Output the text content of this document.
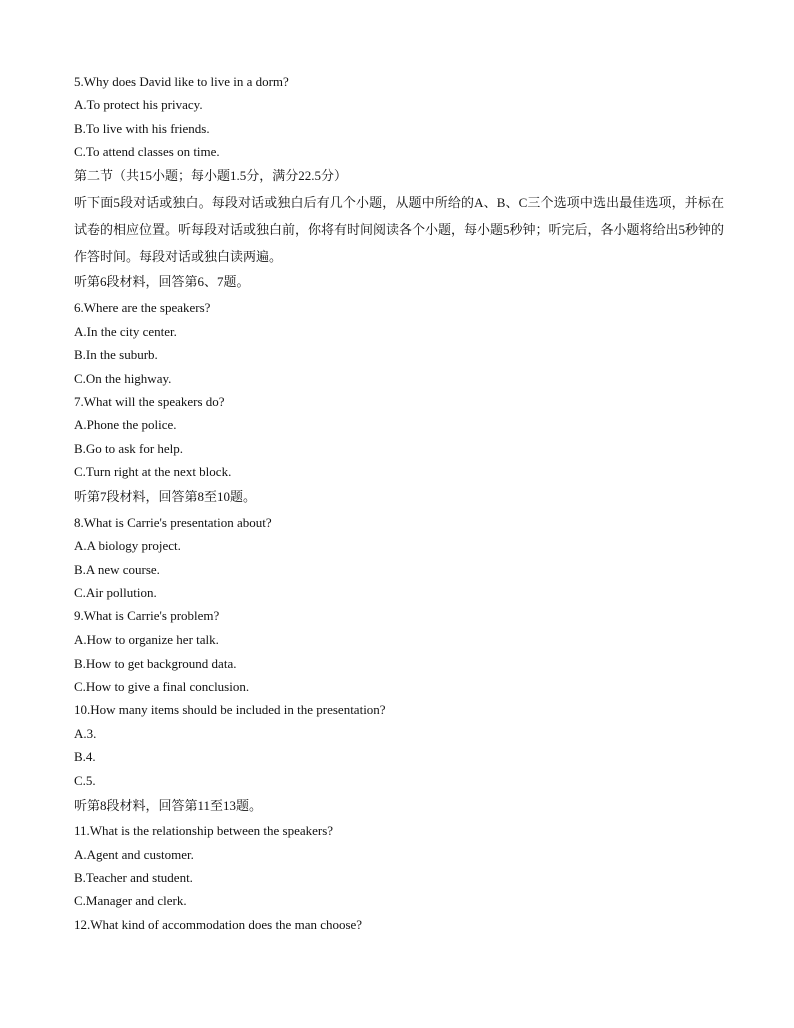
5.Why does David like to live in a dorm?
A.To protect his privacy.
B.To live with his friends.
C.To attend classes on time.
第二节（共15小题；每小题1.5分，满分22.5分）
听下面5段对话或独白。每段对话或独白后有几个小题，从题中所给的A、B、C三个选项中选出最佳选项，并标在试卷的相应位置。听每段对话或独白前，你将有时间阅读各个小题，每小题5秒钟；听完后，各小题将给出5秒钟的作答时间。每段对话或独白读两遍。
听第6段材料，回答第6、7题。
6.Where are the speakers?
A.In the city center.
B.In the suburb.
C.On the highway.
7.What will the speakers do?
A.Phone the police.
B.Go to ask for help.
C.Turn right at the next block.
听第7段材料，回答第8至10题。
8.What is Carrie's presentation about?
A.A biology project.
B.A new course.
C.Air pollution.
9.What is Carrie's problem?
A.How to organize her talk.
B.How to get background data.
C.How to give a final conclusion.
10.How many items should be included in the presentation?
A.3.
B.4.
C.5.
听第8段材料，回答第11至13题。
11.What is the relationship between the speakers?
A.Agent and customer.
B.Teacher and student.
C.Manager and clerk.
12.What kind of accommodation does the man choose?
